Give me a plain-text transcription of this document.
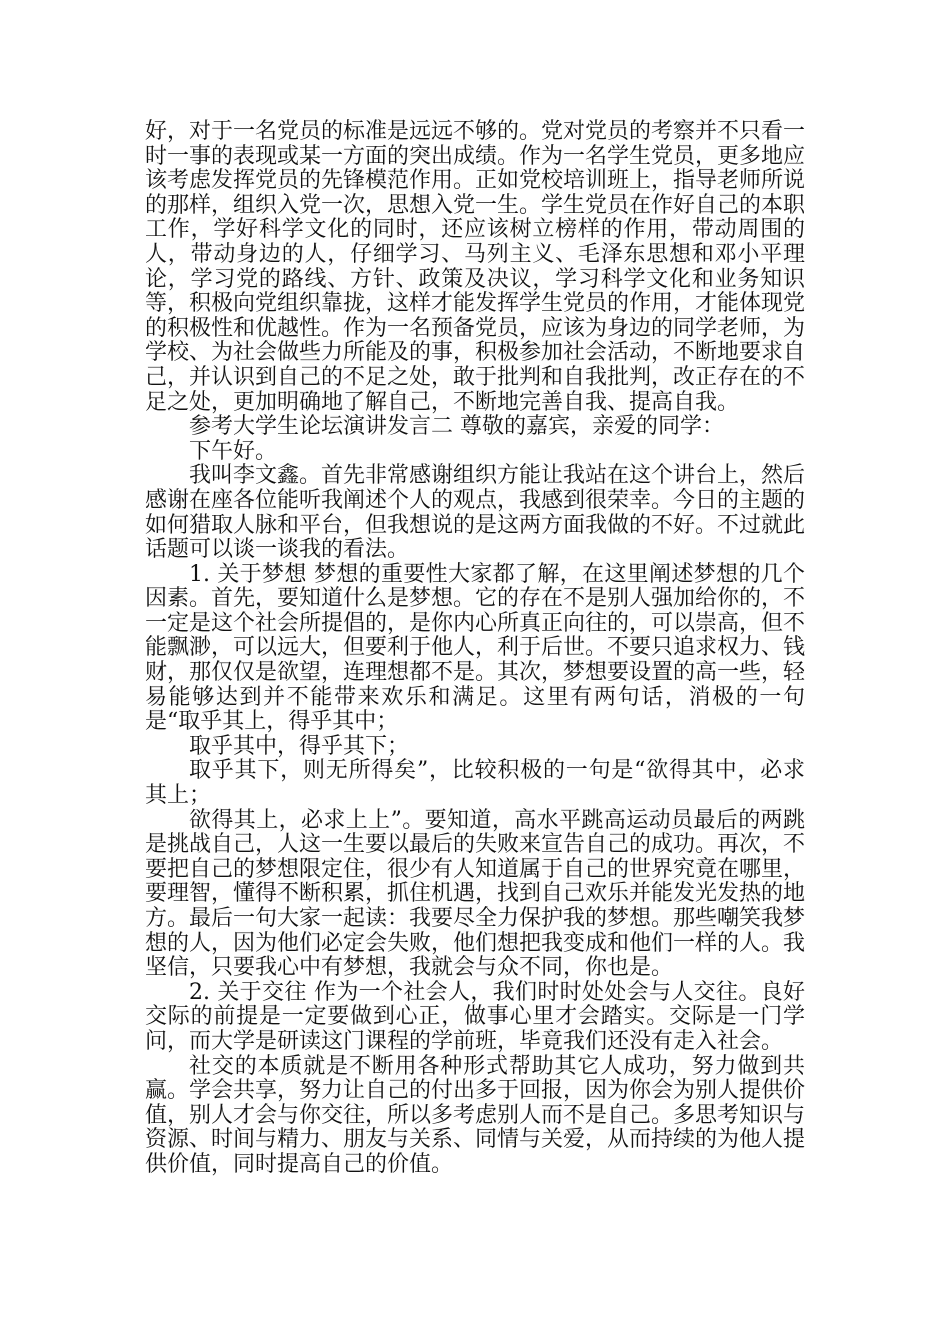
好，对于一名党员的标准是远远不够的。党对党员的考察并不只看一时一事的表现或某一方面的突出成绩。作为一名学生党员，更多地应该考虑发挥党员的先锋模范作用。正如党校培训班上，指导老师所说的那样，组织入党一次，思想入党一生。学生党员在作好自己的本职工作，学好科学文化的同时，还应该树立榜样的作用，带动周围的人，带动身边的人，仔细学习、马列主义、毛泽东思想和邓小平理论，学习党的路线、方针、政策及决议，学习科学文化和业务知识等，积极向党组织靠拢，这样才能发挥学生党员的作用，才能体现党的积极性和优越性。作为一名预备党员，应该为身边的同学老师，为学校、为社会做些力所能及的事，积极参加社会活动，不断地要求自己，并认识到自己的不足之处，敢于批判和自我批判，改正存在的不足之处，更加明确地了解自己，不断地完善自我、提高自我。

参考大学生论坛演讲发言二 尊敬的嘉宾，亲爱的同学：

下午好。

我叫李文鑫。首先非常感谢组织方能让我站在这个讲台上，然后感谢在座各位能听我阐述个人的观点，我感到很荣幸。今日的主题的如何猎取人脉和平台，但我想说的是这两方面我做的不好。不过就此话题可以谈一谈我的看法。

1. 关于梦想 梦想的重要性大家都了解，在这里阐述梦想的几个因素。首先，要知道什么是梦想。它的存在不是别人强加给你的，不一定是这个社会所提倡的，是你内心所真正向往的，可以崇高，但不能飘渺，可以远大，但要利于他人，利于后世。不要只追求权力、钱财，那仅仅是欲望，连理想都不是。其次，梦想要设置的高一些，轻易能够达到并不能带来欢乐和满足。这里有两句话，消极的一句是“取乎其上，得乎其中；

取乎其中，得乎其下；

取乎其下，则无所得矣”，比较积极的一句是“欲得其中，必求其上；

欲得其上，必求上上”。要知道，高水平跳高运动员最后的两跳是挑战自己，人这一生要以最后的失败来宣告自己的成功。再次，不要把自己的梦想限定住，很少有人知道属于自己的世界究竟在哪里，要理智，懂得不断积累，抓住机遇，找到自己欢乐并能发光发热的地方。最后一句大家一起读：我要尽全力保护我的梦想。那些嘲笑我梦想的人，因为他们必定会失败，他们想把我变成和他们一样的人。我坚信，只要我心中有梦想，我就会与众不同，你也是。

2. 关于交往 作为一个社会人，我们时时处处会与人交往。良好交际的前提是一定要做到心正，做事心里才会踏实。交际是一门学问，而大学是研读这门课程的学前班，毕竟我们还没有走入社会。

社交的本质就是不断用各种形式帮助其它人成功，努力做到共赢。学会共享，努力让自己的付出多于回报，因为你会为别人提供价值，别人才会与你交往，所以多考虑别人而不是自己。多思考知识与资源、时间与精力、朋友与关系、同情与关爱，从而持续的为他人提供价值，同时提高自己的价值。
